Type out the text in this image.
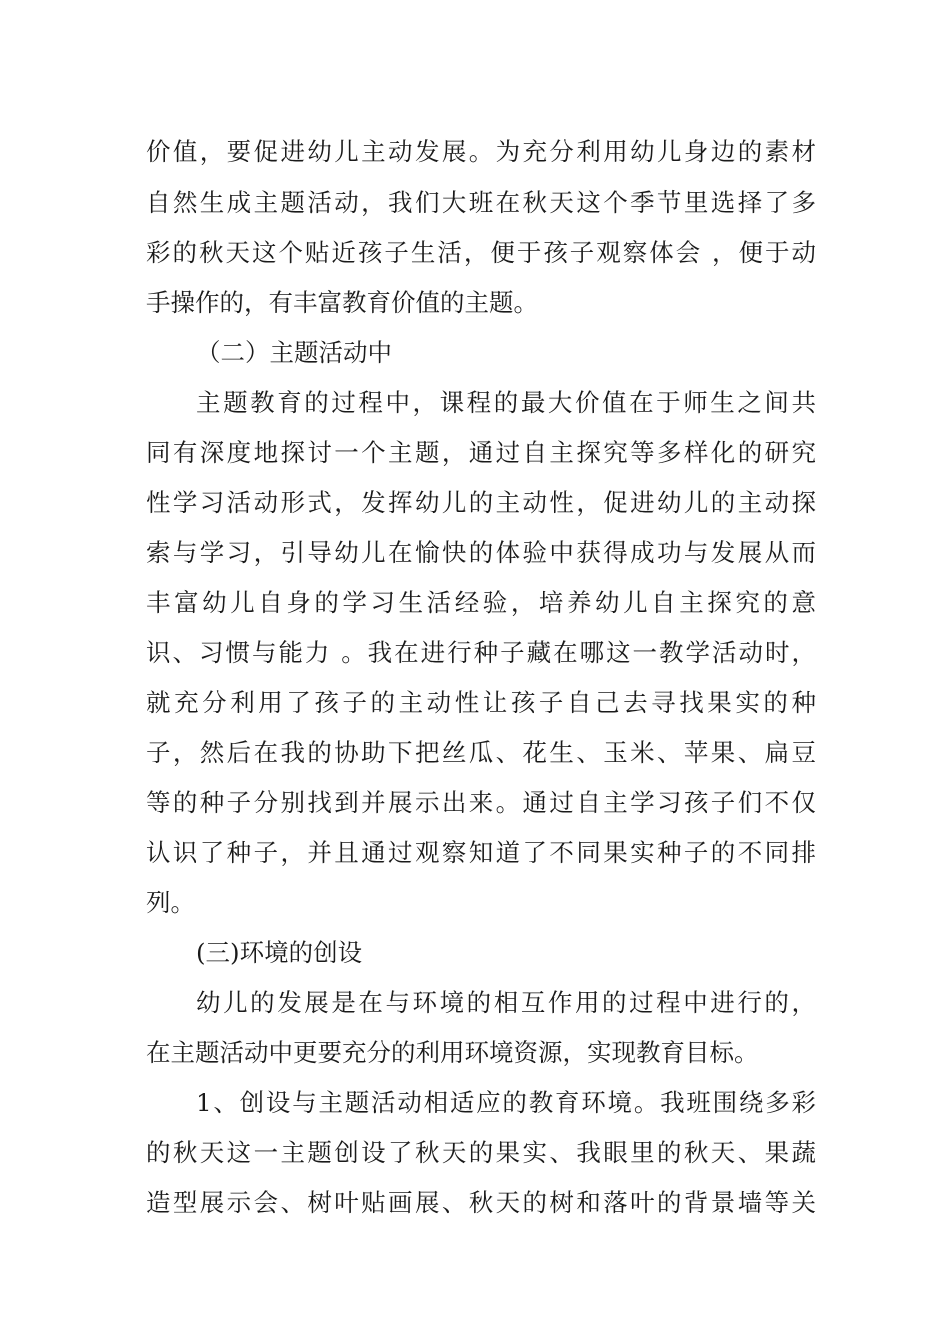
价值，要促进幼儿主动发展。为充分利用幼儿身边的素材
自然生成主题活动，我们大班在秋天这个季节里选择了多
彩的秋天这个贴近孩子生活，便于孩子观察体会 ，便于动
手操作的，有丰富教育价值的主题。
（二）主题活动中
主题教育的过程中，课程的最大价值在于师生之间共
同有深度地探讨一个主题，通过自主探究等多样化的研究
性学习活动形式，发挥幼儿的主动性，促进幼儿的主动探
索与学习，引导幼儿在愉快的体验中获得成功与发展从而
丰富幼儿自身的学习生活经验，培养幼儿自主探究的意
识、习惯与能力 。我在进行种子藏在哪这一教学活动时，
就充分利用了孩子的主动性让孩子自己去寻找果实的种
子，然后在我的协助下把丝瓜、花生、玉米、苹果、扁豆
等的种子分别找到并展示出来。通过自主学习孩子们不仅
认识了种子，并且通过观察知道了不同果实种子的不同排
列。
(三)环境的创设
幼儿的发展是在与环境的相互作用的过程中进行的，
在主题活动中更要充分的利用环境资源，实现教育目标。
1、创设与主题活动相适应的教育环境。我班围绕多彩
的秋天这一主题创设了秋天的果实、我眼里的秋天、果蔬
造型展示会、树叶贴画展、秋天的树和落叶的背景墙等关
